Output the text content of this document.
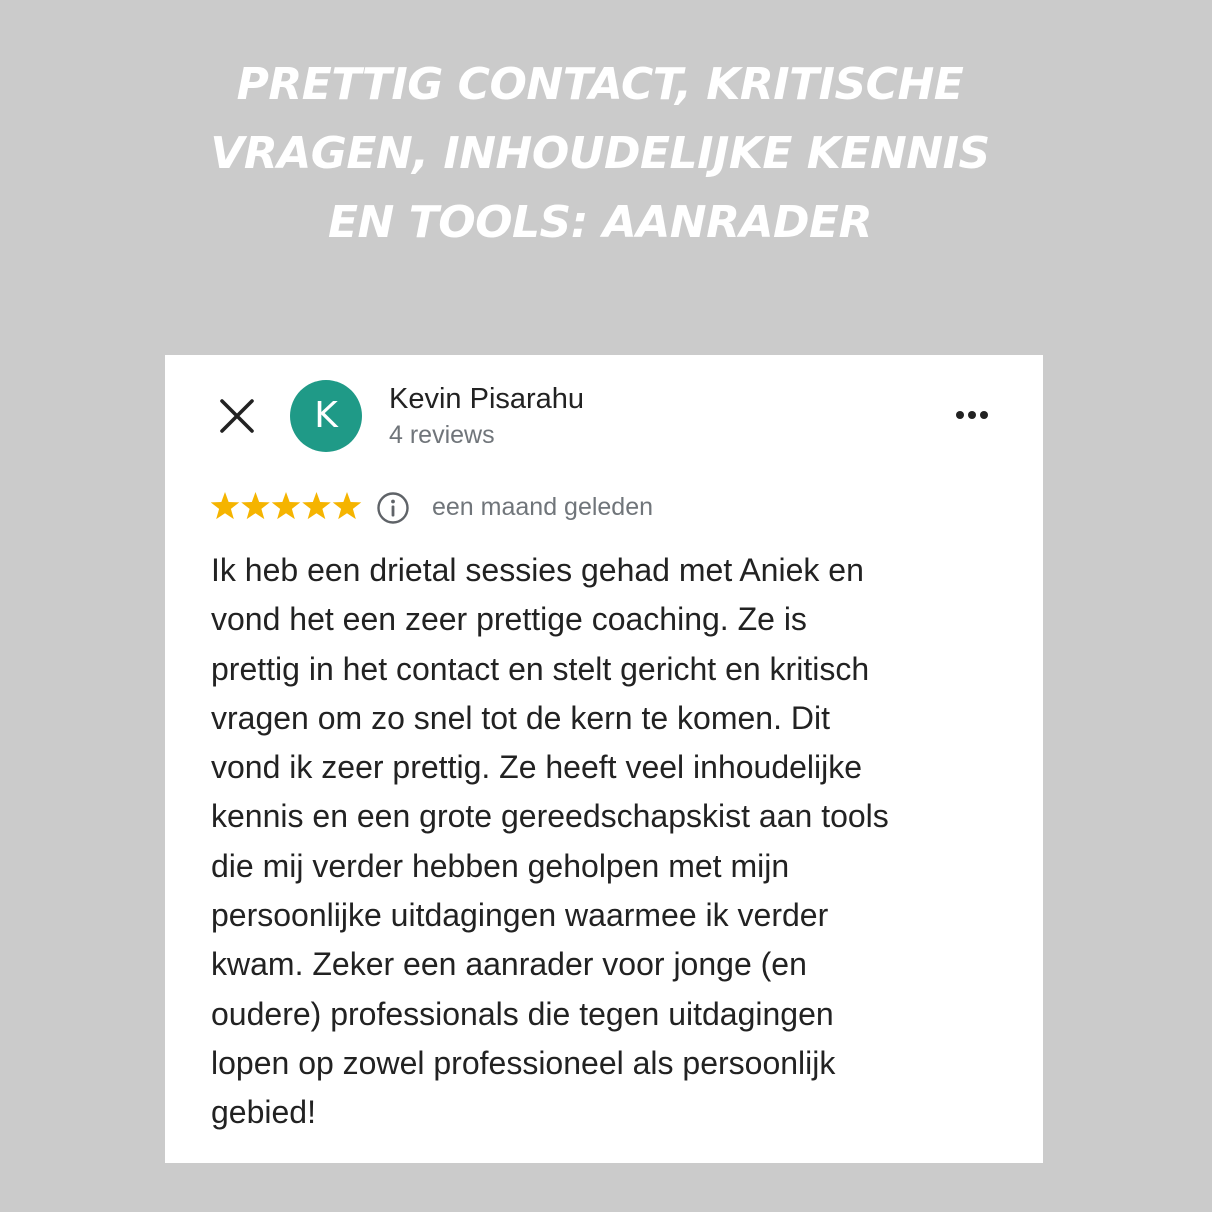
PRETTIG CONTACT, KRITISCHE
VRAGEN, INHOUDELIJKE KENNIS
EN TOOLS: AANRADER
K	Kevin Pisarahu
4 reviews
een maand geleden
Ik heb een drietal sessies gehad met Aniek en
vond het een zeer prettige coaching. Ze is
prettig in het contact en stelt gericht en kritisch
vragen om zo snel tot de kern te komen. Dit
vond ik zeer prettig. Ze heeft veel inhoudelijke
kennis en een grote gereedschapskist aan tools
die mij verder hebben geholpen met mijn
persoonlijke uitdagingen waarmee ik verder
kwam. Zeker een aanrader voor jonge (en
oudere) professionals die tegen uitdagingen
lopen op zowel professioneel als persoonlijk
gebied!
